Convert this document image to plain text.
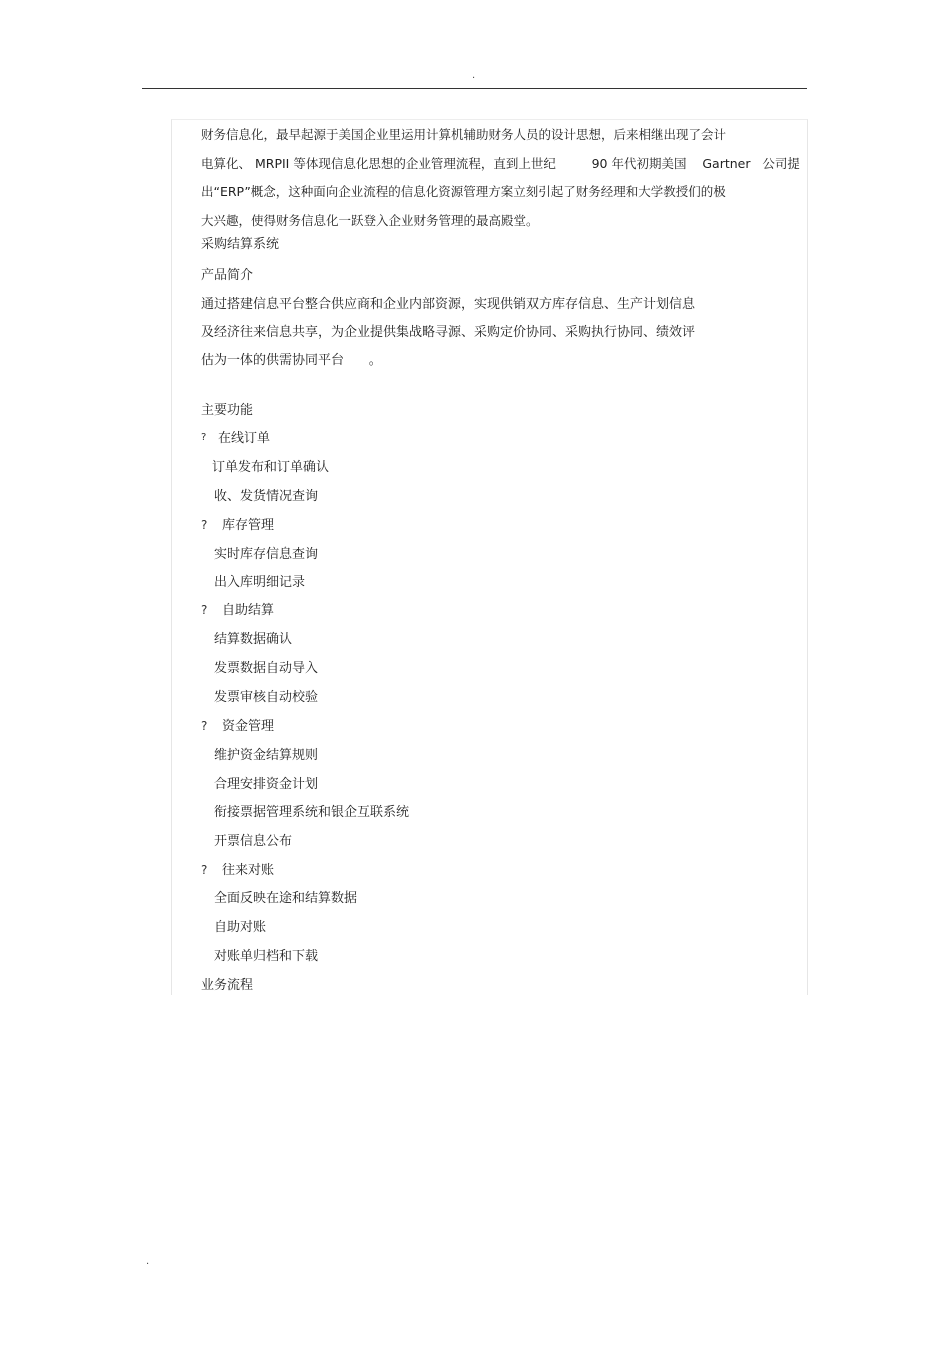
.
财务信息化，最早起源于美国企业里运用计算机辅助财务人员的设计思想，后来相继出现了会计
电算化、 MRPII 等体现信息化思想的企业管理流程，直到上世纪         90 年代初期美国    Gartner   公司提
出“ERP”概念，这种面向企业流程的信息化资源管理方案立刻引起了财务经理和大学教授们的极
大兴趣，使得财务信息化一跃登入企业财务管理的最高殿堂。
采购结算系统
产品简介
通过搭建信息平台整合供应商和企业内部资源，实现供销双方库存信息、生产计划信息
及经济往来信息共享，为企业提供集战略寻源、采购定价协同、采购执行协同、绩效评
估为一体的供需协同平台      。
主要功能
? 在线订单
订单发布和订单确认
收、发货情况查询
? 库存管理
实时库存信息查询
出入库明细记录
? 自助结算
结算数据确认
发票数据自动导入
发票审核自动校验
? 资金管理
维护资金结算规则
合理安排资金计划
衔接票据管理系统和银企互联系统
开票信息公布
? 往来对账
全面反映在途和结算数据
自助对账
对账单归档和下载
业务流程
.
